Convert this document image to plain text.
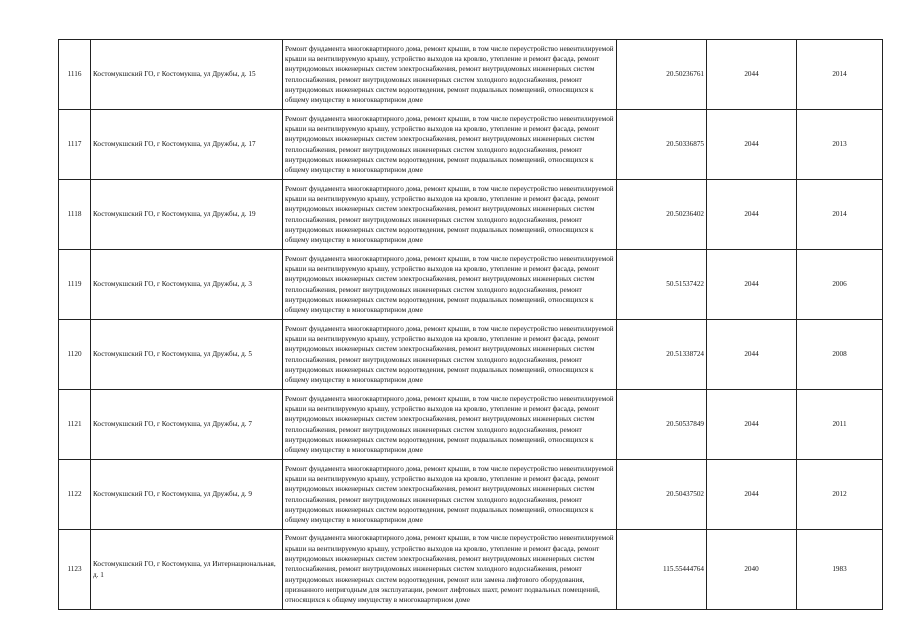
1116	Костомукшский ГО, г Костомукша, ул Дружбы, д. 15	Ремонт фундамента многоквартирного дома, ремонт крыши, в том числе переустройство невентилируемой крыши на вентилируемую крышу, устройство выходов на кровлю, утепление и ремонт фасада, ремонт внутридомовых инженерных систем электроснабжения, ремонт внутридомовых инженерных систем теплоснабжения, ремонт внутридомовых инженерных систем холодного водоснабжения, ремонт внутридомовых инженерных систем водоотведения, ремонт подвальных помещений, относящихся к общему имуществу в многоквартирном доме	20.50236761	2044	2014
1117	Костомукшский ГО, г Костомукша, ул Дружбы, д. 17	Ремонт фундамента многоквартирного дома, ремонт крыши, в том числе переустройство невентилируемой крыши на вентилируемую крышу, устройство выходов на кровлю, утепление и ремонт фасада, ремонт внутридомовых инженерных систем электроснабжения, ремонт внутридомовых инженерных систем теплоснабжения, ремонт внутридомовых инженерных систем холодного водоснабжения, ремонт внутридомовых инженерных систем водоотведения, ремонт подвальных помещений, относящихся к общему имуществу в многоквартирном доме	20.50336875	2044	2013
1118	Костомукшский ГО, г Костомукша, ул Дружбы, д. 19	Ремонт фундамента многоквартирного дома, ремонт крыши, в том числе переустройство невентилируемой крыши на вентилируемую крышу, устройство выходов на кровлю, утепление и ремонт фасада, ремонт внутридомовых инженерных систем электроснабжения, ремонт внутридомовых инженерных систем теплоснабжения, ремонт внутридомовых инженерных систем холодного водоснабжения, ремонт внутридомовых инженерных систем водоотведения, ремонт подвальных помещений, относящихся к общему имуществу в многоквартирном доме	20.50236402	2044	2014
1119	Костомукшский ГО, г Костомукша, ул Дружбы, д. 3	Ремонт фундамента многоквартирного дома, ремонт крыши, в том числе переустройство невентилируемой крыши на вентилируемую крышу, устройство выходов на кровлю, утепление и ремонт фасада, ремонт внутридомовых инженерных систем электроснабжения, ремонт внутридомовых инженерных систем теплоснабжения, ремонт внутридомовых инженерных систем холодного водоснабжения, ремонт внутридомовых инженерных систем водоотведения, ремонт подвальных помещений, относящихся к общему имуществу в многоквартирном доме	50.51537422	2044	2006
1120	Костомукшский ГО, г Костомукша, ул Дружбы, д. 5	Ремонт фундамента многоквартирного дома, ремонт крыши, в том числе переустройство невентилируемой крыши на вентилируемую крышу, устройство выходов на кровлю, утепление и ремонт фасада, ремонт внутридомовых инженерных систем электроснабжения, ремонт внутридомовых инженерных систем теплоснабжения, ремонт внутридомовых инженерных систем холодного водоснабжения, ремонт внутридомовых инженерных систем водоотведения, ремонт подвальных помещений, относящихся к общему имуществу в многоквартирном доме	20.51338724	2044	2008
1121	Костомукшский ГО, г Костомукша, ул Дружбы, д. 7	Ремонт фундамента многоквартирного дома, ремонт крыши, в том числе переустройство невентилируемой крыши на вентилируемую крышу, устройство выходов на кровлю, утепление и ремонт фасада, ремонт внутридомовых инженерных систем электроснабжения, ремонт внутридомовых инженерных систем теплоснабжения, ремонт внутридомовых инженерных систем холодного водоснабжения, ремонт внутридомовых инженерных систем водоотведения, ремонт подвальных помещений, относящихся к общему имуществу в многоквартирном доме	20.50537849	2044	2011
1122	Костомукшский ГО, г Костомукша, ул Дружбы, д. 9	Ремонт фундамента многоквартирного дома, ремонт крыши, в том числе переустройство невентилируемой крыши на вентилируемую крышу, устройство выходов на кровлю, утепление и ремонт фасада, ремонт внутридомовых инженерных систем электроснабжения, ремонт внутридомовых инженерных систем теплоснабжения, ремонт внутридомовых инженерных систем холодного водоснабжения, ремонт внутридомовых инженерных систем водоотведения, ремонт подвальных помещений, относящихся к общему имуществу в многоквартирном доме	20.50437502	2044	2012
1123	Костомукшский ГО, г Костомукша, ул Интернациональная, д. 1	Ремонт фундамента многоквартирного дома, ремонт крыши, в том числе переустройство невентилируемой крыши на вентилируемую крышу, устройство выходов на кровлю, утепление и ремонт фасада, ремонт внутридомовых инженерных систем электроснабжения, ремонт внутридомовых инженерных систем теплоснабжения, ремонт внутридомовых инженерных систем холодного водоснабжения, ремонт внутридомовых инженерных систем водоотведения, ремонт или замена лифтового оборудования, признанного непригодным для эксплуатации, ремонт лифтовых шахт, ремонт подвальных помещений, относящихся к общему имуществу в многоквартирном доме	115.55444764	2040	1983
